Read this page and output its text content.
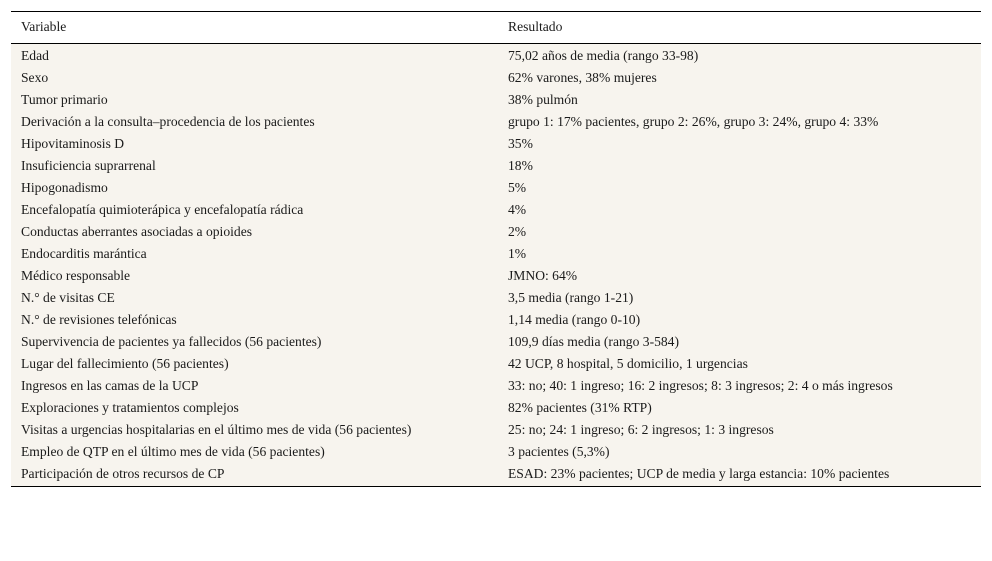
Variable	Resultado
Edad	75,02 años de media (rango 33-98)
Sexo	62% varones, 38% mujeres
Tumor primario	38% pulmón
Derivación a la consulta–procedencia de los pacientes	grupo 1: 17% pacientes, grupo 2: 26%, grupo 3: 24%, grupo 4: 33%
Hipovitaminosis D	35%
Insuficiencia suprarrenal	18%
Hipogonadismo	5%
Encefalopatía quimioterápica y encefalopatía rádica	4%
Conductas aberrantes asociadas a opioides	2%
Endocarditis marántica	1%
Médico responsable	JMNO: 64%
N.° de visitas CE	3,5 media (rango 1-21)
N.° de revisiones telefónicas	1,14 media (rango 0-10)
Supervivencia de pacientes ya fallecidos (56 pacientes)	109,9 días media (rango 3-584)
Lugar del fallecimiento (56 pacientes)	42 UCP, 8 hospital, 5 domicilio, 1 urgencias
Ingresos en las camas de la UCP	33: no; 40: 1 ingreso; 16: 2 ingresos; 8: 3 ingresos; 2: 4 o más ingresos
Exploraciones y tratamientos complejos	82% pacientes (31% RTP)
Visitas a urgencias hospitalarias en el último mes de vida (56 pacientes)	25: no; 24: 1 ingreso; 6: 2 ingresos; 1: 3 ingresos
Empleo de QTP en el último mes de vida (56 pacientes)	3 pacientes (5,3%)
Participación de otros recursos de CP	ESAD: 23% pacientes; UCP de media y larga estancia: 10% pacientes
